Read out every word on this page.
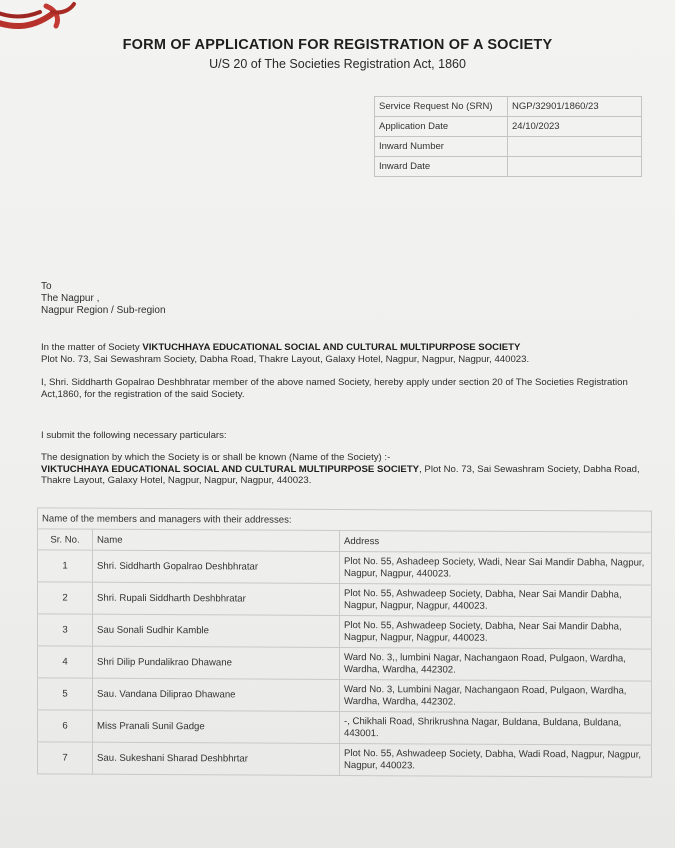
FORM OF APPLICATION FOR REGISTRATION OF A SOCIETY
U/S 20 of The Societies Registration Act, 1860
Service Request No (SRN)	NGP/32901/1860/23
Application Date	24/10/2023
Inward Number	
Inward Date	
To
The Nagpur ,
Nagpur Region / Sub-region
In the matter of Society VIKTUCHHAYA EDUCATIONAL SOCIAL AND CULTURAL MULTIPURPOSE SOCIETY
Plot No. 73, Sai Sewashram Society, Dabha Road, Thakre Layout, Galaxy Hotel, Nagpur, Nagpur, Nagpur, 440023.
I, Shri. Siddharth Gopalrao Deshbhratar member of the above named Society, hereby apply under section 20 of The Societies Registration Act,1860, for the registration of the said Society.
I submit the following necessary particulars:
The designation by which the Society is or shall be known (Name of the Society) :-
VIKTUCHHAYA EDUCATIONAL SOCIAL AND CULTURAL MULTIPURPOSE SOCIETY, Plot No. 73, Sai Sewashram Society, Dabha Road, Thakre Layout, Galaxy Hotel, Nagpur, Nagpur, Nagpur, 440023.
Name of the members and managers with their addresses:		
Sr. No.	Name	Address
1	Shri. Siddharth Gopalrao Deshbhratar	Plot No. 55, Ashadeep Society, Wadi, Near Sai Mandir Dabha, Nagpur, Nagpur, Nagpur, 440023.
2	Shri. Rupali Siddharth Deshbhratar	Plot No. 55, Ashwadeep Society, Dabha, Near Sai Mandir Dabha, Nagpur, Nagpur, Nagpur, 440023.
3	Sau Sonali Sudhir Kamble	Plot No. 55, Ashwadeep Society, Dabha, Near Sai Mandir Dabha, Nagpur, Nagpur, Nagpur, 440023.
4	Shri Dilip Pundalikrao Dhawane	Ward No. 3,, lumbini Nagar, Nachangaon Road, Pulgaon, Wardha, Wardha, Wardha, 442302.
5	Sau. Vandana Diliprao Dhawane	Ward No. 3, Lumbini Nagar, Nachangaon Road, Pulgaon, Wardha, Wardha, Wardha, 442302.
6	Miss Pranali Sunil Gadge	-, Chikhali Road, Shrikrushna Nagar, Buldana, Buldana, Buldana, 443001.
7	Sau. Sukeshani Sharad Deshbhrtar	Plot No. 55, Ashwadeep Society, Dabha, Wadi Road, Nagpur, Nagpur, Nagpur, 440023.
